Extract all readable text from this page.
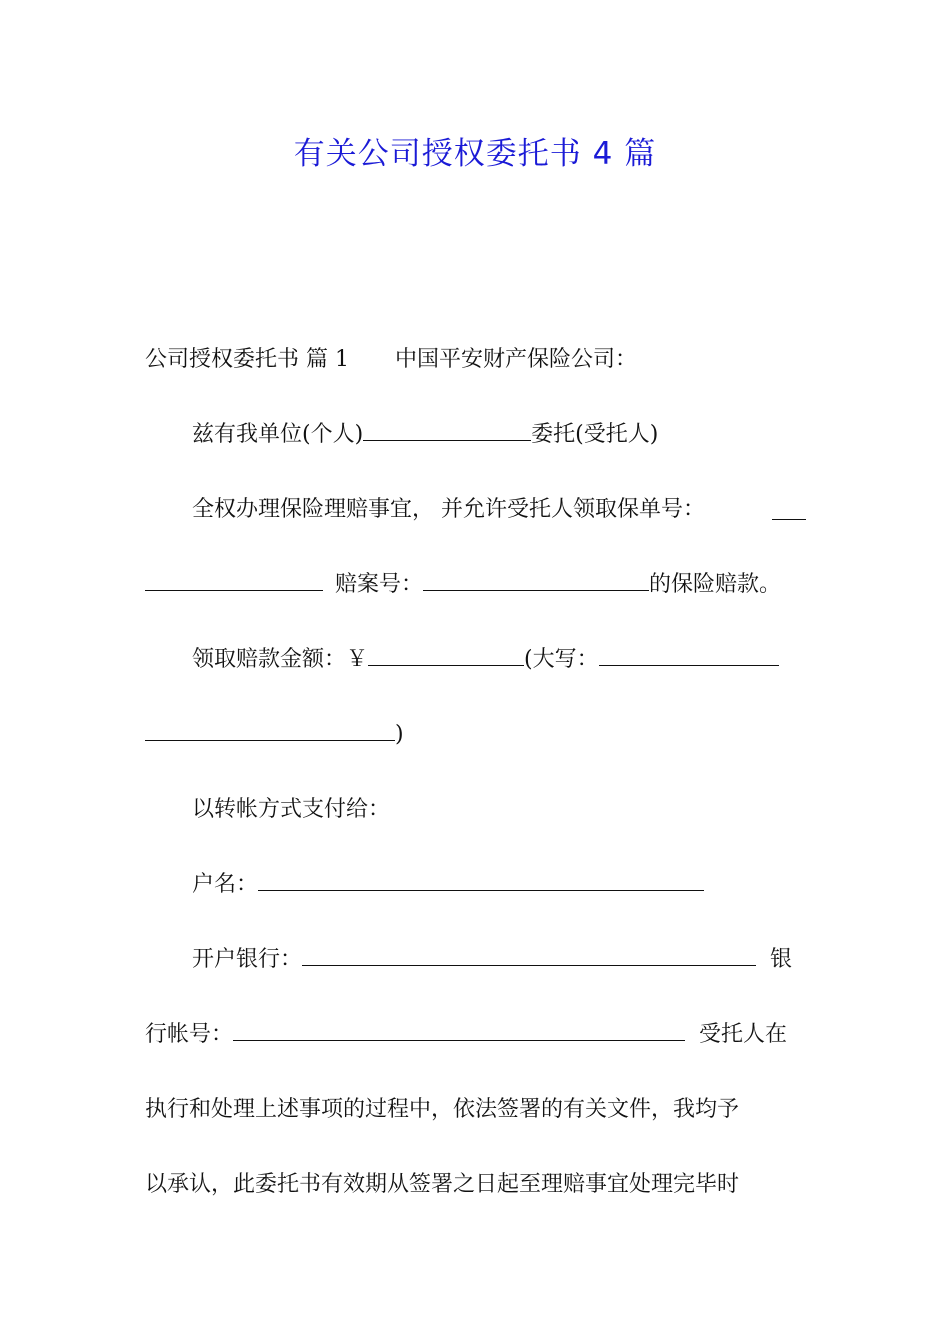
有关公司授权委托书 4 篇
公司授权委托书 篇 1 中国平安财产保险公司：
兹有我单位(个人)	委托(受托人)
全权办理保险理赔事宜， 并允许受托人领取保单号：
赔案号：	的保险赔款。
领取赔款金额：￥	(大写：
)
以转帐方式支付给：
户名：
开户银行：	银
行帐号：	受托人在
执行和处理上述事项的过程中，依法签署的有关文件，我均予
以承认，此委托书有效期从签署之日起至理赔事宜处理完毕时
